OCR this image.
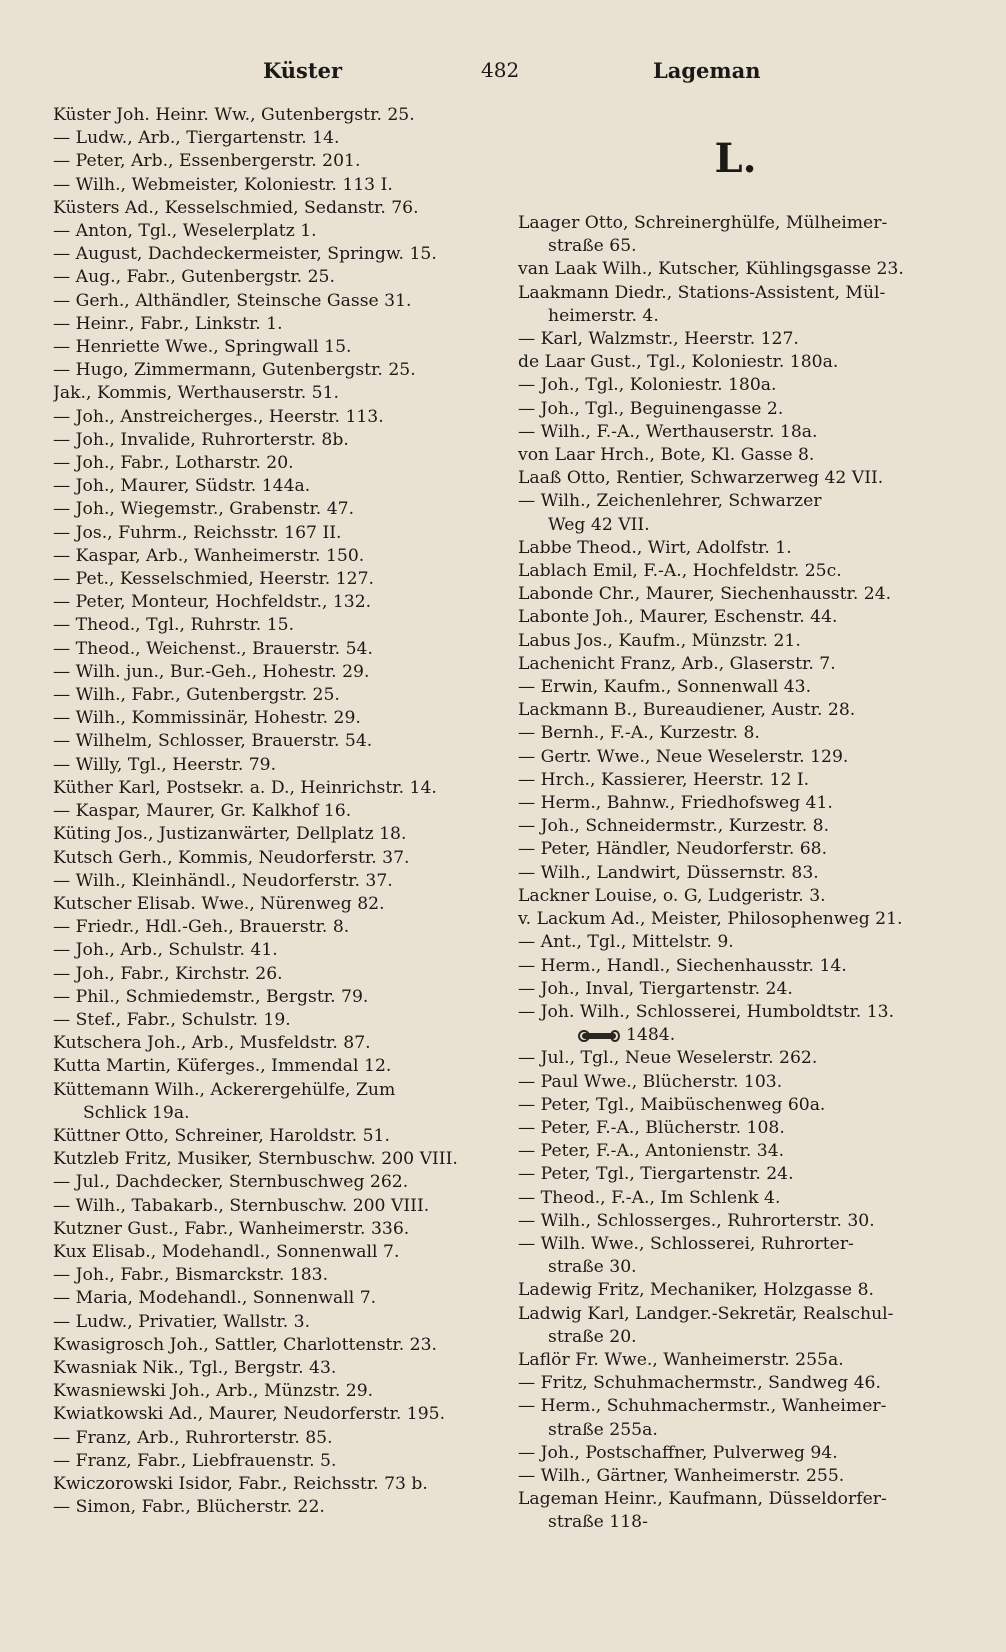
Küster	482	Lageman
Küster Joh. Heinr. Ww., Gutenbergstr. 25.
— Ludw., Arb., Tiergartenstr. 14.
— Peter, Arb., Essenbergerstr. 201.
— Wilh., Webmeister, Koloniestr. 113 I.
Küsters Ad., Kesselschmied, Sedanstr. 76.
— Anton, Tgl., Weselerplatz 1.
— August, Dachdeckermeister, Springw. 15.
— Aug., Fabr., Gutenbergstr. 25.
— Gerh., Althändler, Steinsche Gasse 31.
— Heinr., Fabr., Linkstr. 1.
— Henriette Wwe., Springwall 15.
— Hugo, Zimmermann, Gutenbergstr. 25.
Jak., Kommis, Werthauserstr. 51.
— Joh., Anstreicherges., Heerstr. 113.
— Joh., Invalide, Ruhrorterstr. 8b.
— Joh., Fabr., Lotharstr. 20.
— Joh., Maurer, Südstr. 144a.
— Joh., Wiegemstr., Grabenstr. 47.
— Jos., Fuhrm., Reichsstr. 167 II.
— Kaspar, Arb., Wanheimerstr. 150.
— Pet., Kesselschmied, Heerstr. 127.
— Peter, Monteur, Hochfeldstr., 132.
— Theod., Tgl., Ruhrstr. 15.
— Theod., Weichenst., Brauerstr. 54.
— Wilh. jun., Bur.-Geh., Hohestr. 29.
— Wilh., Fabr., Gutenbergstr. 25.
— Wilh., Kommissinär, Hohestr. 29.
— Wilhelm, Schlosser, Brauerstr. 54.
— Willy, Tgl., Heerstr. 79.
Küther Karl, Postsekr. a. D., Heinrichstr. 14.
— Kaspar, Maurer, Gr. Kalkhof 16.
Küting Jos., Justizanwärter, Dellplatz 18.
Kutsch Gerh., Kommis, Neudorferstr. 37.
— Wilh., Kleinhändl., Neudorferstr. 37.
Kutscher Elisab. Wwe., Nürenweg 82.
— Friedr., Hdl.-Geh., Brauerstr. 8.
— Joh., Arb., Schulstr. 41.
— Joh., Fabr., Kirchstr. 26.
— Phil., Schmiedemstr., Bergstr. 79.
— Stef., Fabr., Schulstr. 19.
Kutschera Joh., Arb., Musfeldstr. 87.
Kutta Martin, Küferges., Immendal 12.
Küttemann Wilh., Ackerergehülfe, Zum
Schlick 19a.
Küttner Otto, Schreiner, Haroldstr. 51.
Kutzleb Fritz, Musiker, Sternbuschw. 200 VIII.
— Jul., Dachdecker, Sternbuschweg 262.
— Wilh., Tabakarb., Sternbuschw. 200 VIII.
Kutzner Gust., Fabr., Wanheimerstr. 336.
Kux Elisab., Modehandl., Sonnenwall 7.
— Joh., Fabr., Bismarckstr. 183.
— Maria, Modehandl., Sonnenwall 7.
— Ludw., Privatier, Wallstr. 3.
Kwasigrosch Joh., Sattler, Charlottenstr. 23.
Kwasniak Nik., Tgl., Bergstr. 43.
Kwasniewski Joh., Arb., Münzstr. 29.
Kwiatkowski Ad., Maurer, Neudorferstr. 195.
— Franz, Arb., Ruhrorterstr. 85.
— Franz, Fabr., Liebfrauenstr. 5.
Kwiczorowski Isidor, Fabr., Reichsstr. 73 b.
— Simon, Fabr., Blücherstr. 22.
L.
Laager Otto, Schreinerghülfe, Mülheimer-
straße 65.
van Laak Wilh., Kutscher, Kühlingsgasse 23.
Laakmann Diedr., Stations-Assistent, Mül-
heimerstr. 4.
— Karl, Walzmstr., Heerstr. 127.
de Laar Gust., Tgl., Koloniestr. 180a.
— Joh., Tgl., Koloniestr. 180a.
— Joh., Tgl., Beguinengasse 2.
— Wilh., F.-A., Werthauserstr. 18a.
von Laar Hrch., Bote, Kl. Gasse 8.
Laaß Otto, Rentier, Schwarzerweg 42 VII.
— Wilh., Zeichenlehrer, Schwarzer
Weg 42 VII.
Labbe Theod., Wirt, Adolfstr. 1.
Lablach Emil, F.-A., Hochfeldstr. 25c.
Labonde Chr., Maurer, Siechenhausstr. 24.
Labonte Joh., Maurer, Eschenstr. 44.
Labus Jos., Kaufm., Münzstr. 21.
Lachenicht Franz, Arb., Glaserstr. 7.
— Erwin, Kaufm., Sonnenwall 43.
Lackmann B., Bureaudiener, Austr. 28.
— Bernh., F.-A., Kurzestr. 8.
— Gertr. Wwe., Neue Weselerstr. 129.
— Hrch., Kassierer, Heerstr. 12 I.
— Herm., Bahnw., Friedhofsweg 41.
— Joh., Schneidermstr., Kurzestr. 8.
— Peter, Händler, Neudorferstr. 68.
— Wilh., Landwirt, Düssernstr. 83.
Lackner Louise, o. G, Ludgeristr. 3.
v. Lackum Ad., Meister, Philosophenweg 21.
— Ant., Tgl., Mittelstr. 9.
— Herm., Handl., Siechenhausstr. 14.
— Joh., Inval, Tiergartenstr. 24.
— Joh. Wilh., Schlosserei, Humboldtstr. 13.
1484.
— Jul., Tgl., Neue Weselerstr. 262.
— Paul Wwe., Blücherstr. 103.
— Peter, Tgl., Maibüschenweg 60a.
— Peter, F.-A., Blücherstr. 108.
— Peter, F.-A., Antonienstr. 34.
— Peter, Tgl., Tiergartenstr. 24.
— Theod., F.-A., Im Schlenk 4.
— Wilh., Schlosserges., Ruhrorterstr. 30.
— Wilh. Wwe., Schlosserei, Ruhrorter-
straße 30.
Ladewig Fritz, Mechaniker, Holzgasse 8.
Ladwig Karl, Landger.-Sekretär, Realschul-
straße 20.
Laflör Fr. Wwe., Wanheimerstr. 255a.
— Fritz, Schuhmachermstr., Sandweg 46.
— Herm., Schuhmachermstr., Wanheimer-
straße 255a.
— Joh., Postschaffner, Pulverweg 94.
— Wilh., Gärtner, Wanheimerstr. 255.
Lageman Heinr., Kaufmann, Düsseldorfer-
straße 118-
